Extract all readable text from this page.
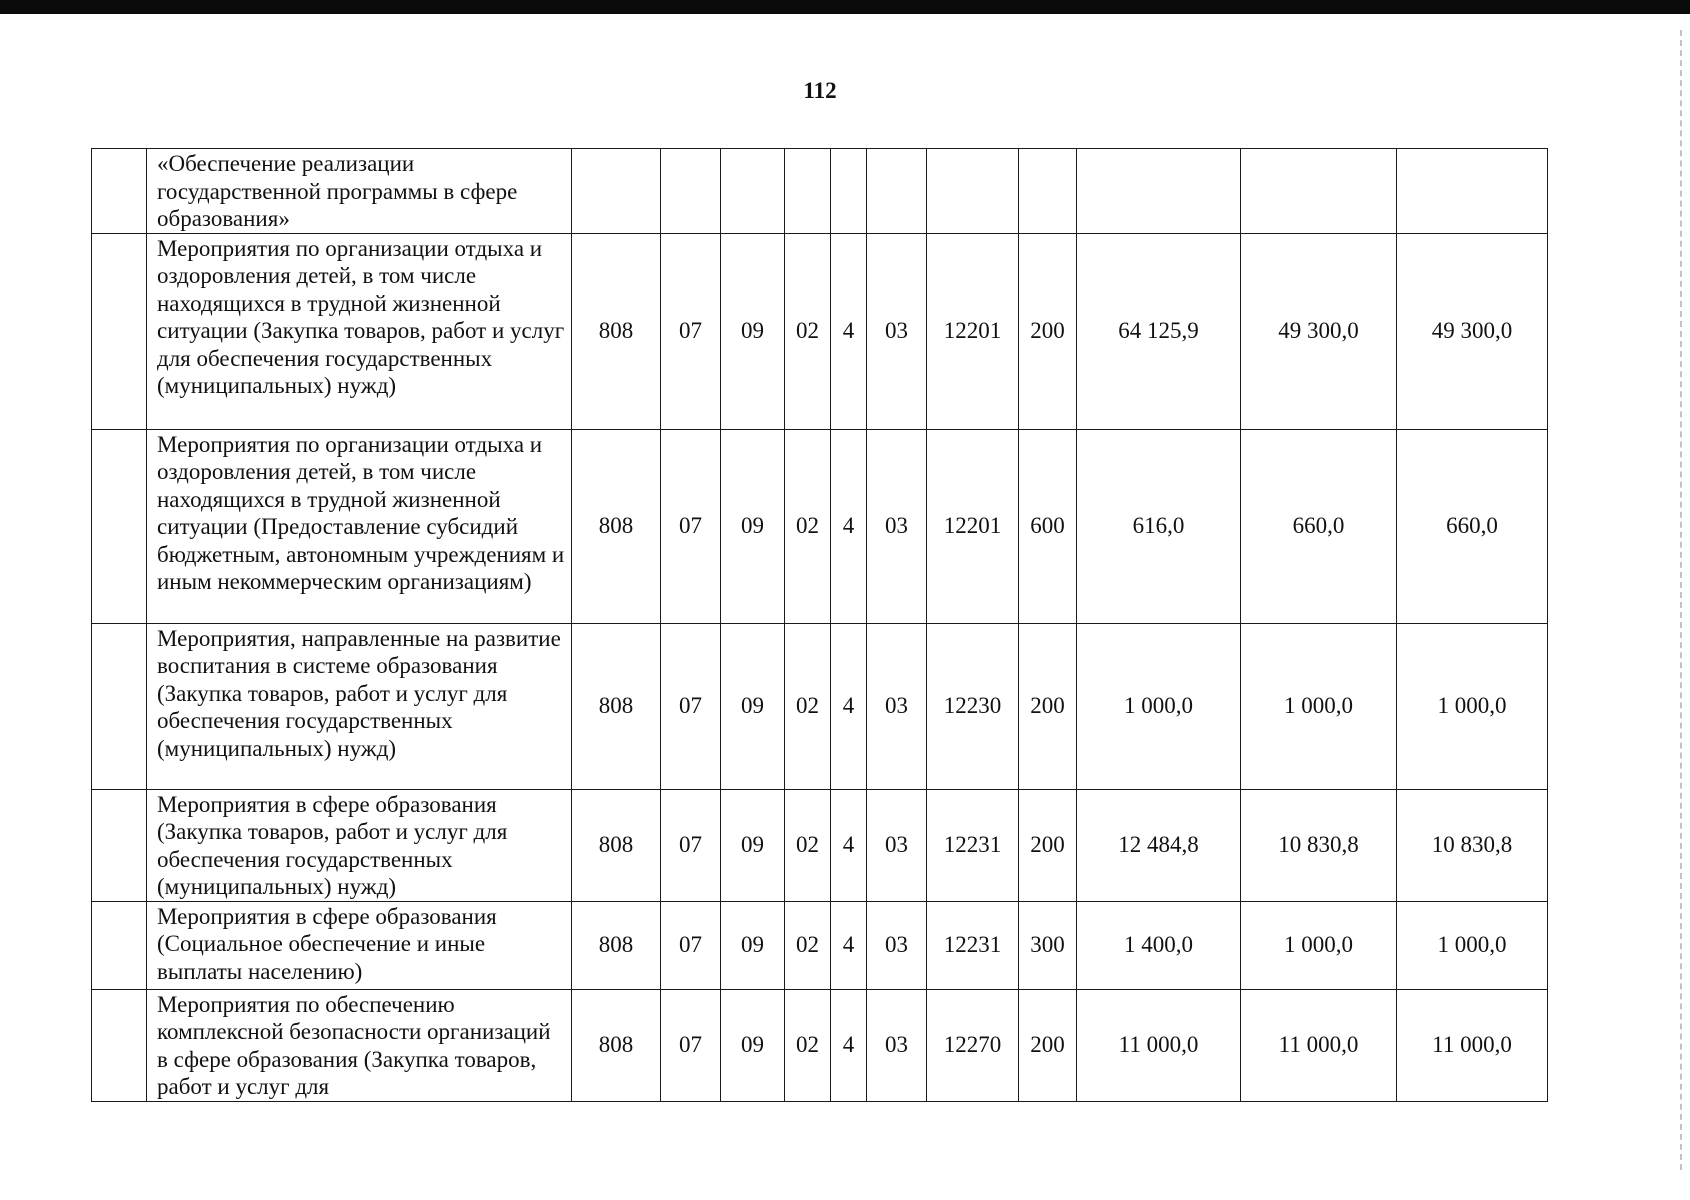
112
	«Обеспечение реализации государственной программы в сфере образования»											
	Мероприятия по организации отдыха и оздоровления детей, в том числе находящихся в трудной жизненной ситуации (Закупка товаров, работ и услуг для обеспечения государственных (муниципальных) нужд)	808	07	09	02	4	03	12201	200	64 125,9	49 300,0	49 300,0
	Мероприятия по организации отдыха и оздоровления детей, в том числе находящихся в трудной жизненной ситуации (Предоставление субсидий бюджетным, автономным учреждениям и иным некоммерческим организациям)	808	07	09	02	4	03	12201	600	616,0	660,0	660,0
	Мероприятия, направленные на развитие воспитания в системе образования (Закупка товаров, работ и услуг для обеспечения государственных (муниципальных) нужд)	808	07	09	02	4	03	12230	200	1 000,0	1 000,0	1 000,0
	Мероприятия в сфере образования (Закупка товаров, работ и услуг для обеспечения государственных (муниципальных) нужд)	808	07	09	02	4	03	12231	200	12 484,8	10 830,8	10 830,8
	Мероприятия в сфере образования (Социальное обеспечение и иные выплаты населению)	808	07	09	02	4	03	12231	300	1 400,0	1 000,0	1 000,0
	Мероприятия по обеспечению комплексной безопасности организаций в сфере образования (Закупка товаров, работ и услуг для	808	07	09	02	4	03	12270	200	11 000,0	11 000,0	11 000,0
